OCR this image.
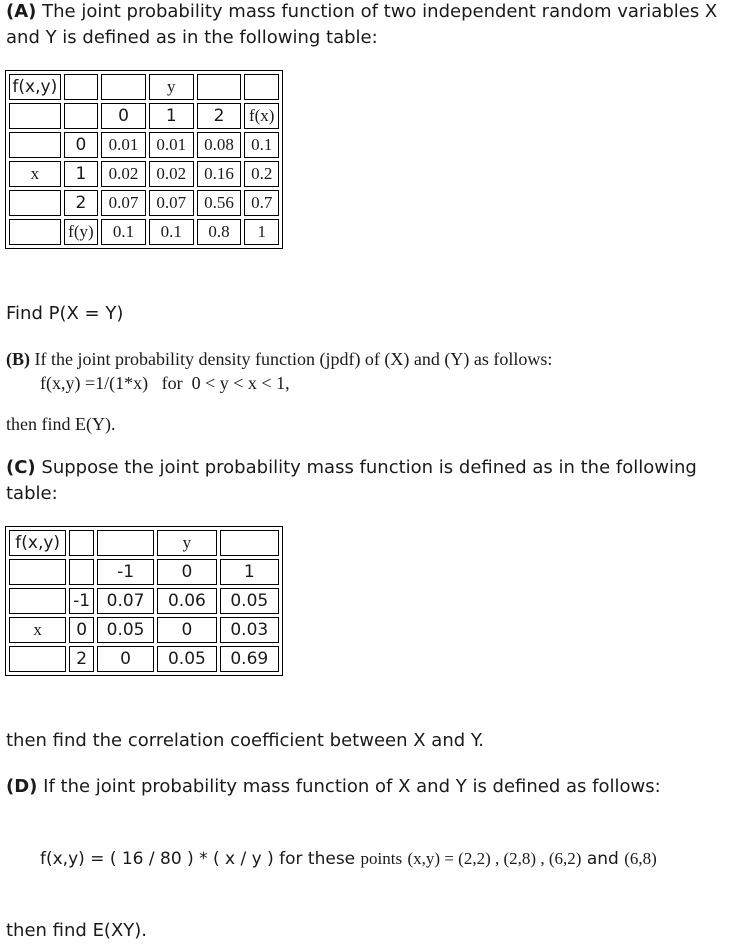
(A) The joint probability mass function of two independent random variables X
and Y is defined as in the following table:
f(x,y)			y		
		0	1	2	f(x)
	0	0.01	0.01	0.08	0.1
x	1	0.02	0.02	0.16	0.2
	2	0.07	0.07	0.56	0.7
	f(y)	0.1	0.1	0.8	1
Find P(X = Y)
(B) If the joint probability density function (jpdf) of (X) and (Y) as follows:
f(x,y) =1/(1*x)   for  0 < y < x < 1,
then find E(Y).
(C) Suppose the joint probability mass function is defined as in the following
table:
f(x,y)			y	
		-1	0	1
	-1	0.07	0.06	0.05
x	0	0.05	0	0.03
	2	0	0.05	0.69
then find the correlation coefficient between X and Y.
(D) If the joint probability mass function of X and Y is defined as follows:
f(x,y) = ( 16 / 80 ) * ( x / y ) for these points (x,y) = (2,2) , (2,8) , (6,2) and (6,8)
then find E(XY).
